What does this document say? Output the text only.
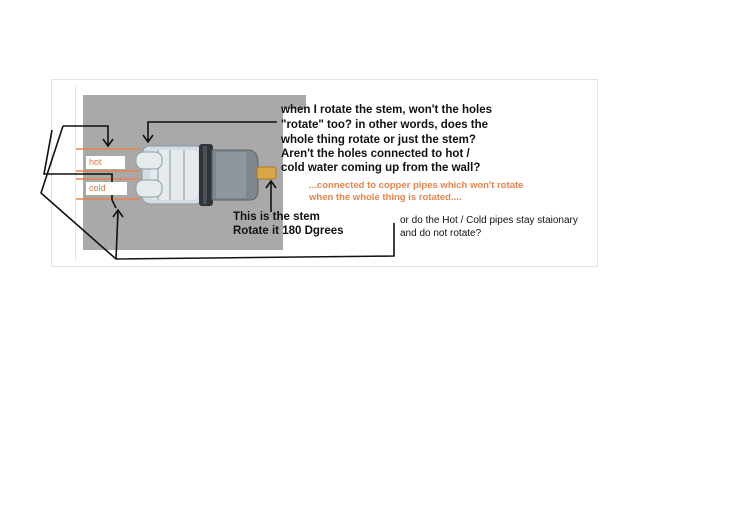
hot
cold
when I rotate the stem, won't the holes
"rotate" too? in other words, does the
whole thing rotate or just the stem?
Aren't the holes connected to hot /
cold water coming up from the wall?
...connected to copper pipes which won't rotate
when the whole thing is rotated....
This is the stem
Rotate it 180 Dgrees
or do the Hot / Cold pipes stay staionary
and do not rotate?
